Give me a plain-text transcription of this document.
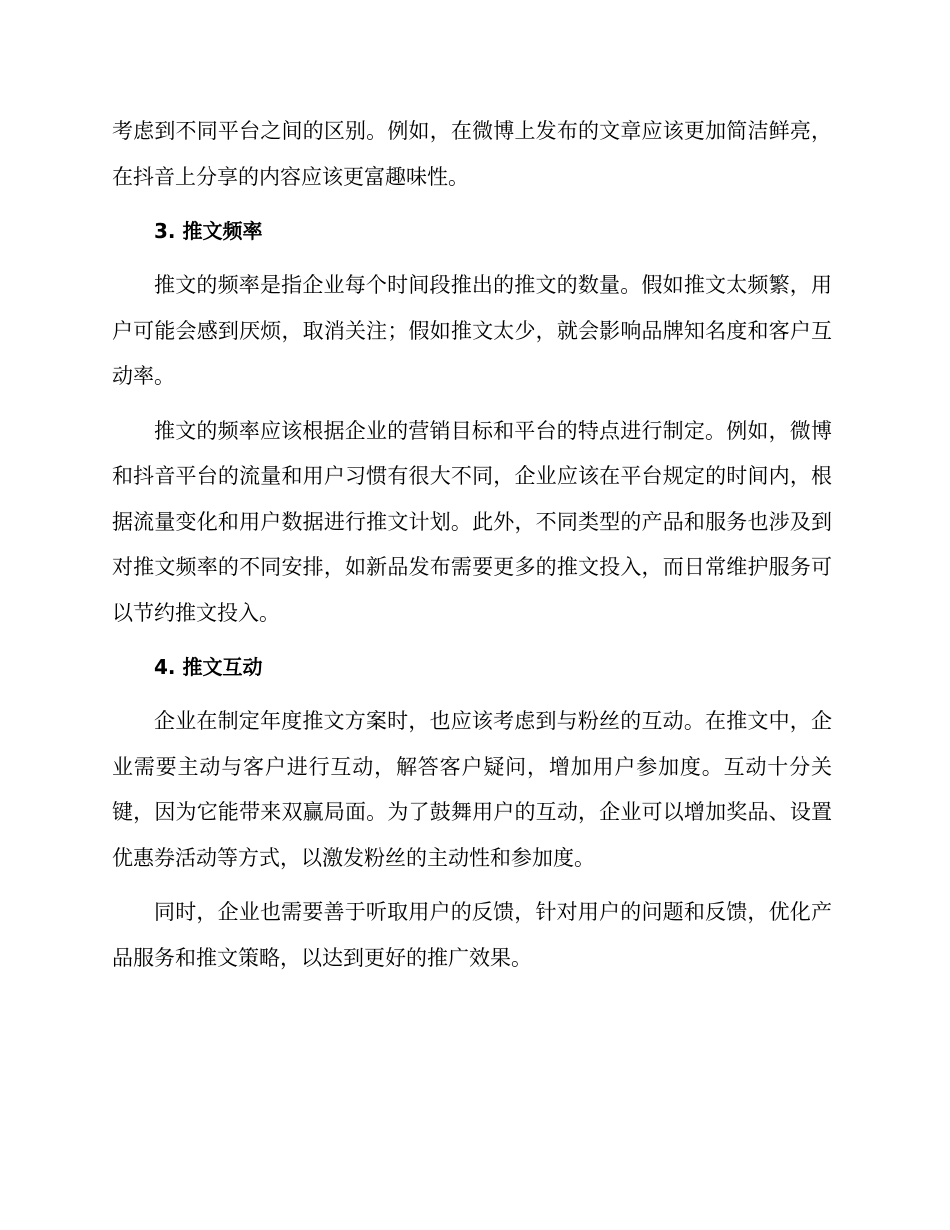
考虑到不同平台之间的区别。例如，在微博上发布的文章应该更加简洁鲜亮，在抖音上分享的内容应该更富趣味性。

3. 推文频率

推文的频率是指企业每个时间段推出的推文的数量。假如推文太频繁，用户可能会感到厌烦，取消关注；假如推文太少，就会影响品牌知名度和客户互动率。

推文的频率应该根据企业的营销目标和平台的特点进行制定。例如，微博和抖音平台的流量和用户习惯有很大不同，企业应该在平台规定的时间内，根据流量变化和用户数据进行推文计划。此外，不同类型的产品和服务也涉及到对推文频率的不同安排，如新品发布需要更多的推文投入，而日常维护服务可以节约推文投入。

4. 推文互动

企业在制定年度推文方案时，也应该考虑到与粉丝的互动。在推文中，企业需要主动与客户进行互动，解答客户疑问，增加用户参加度。互动十分关键，因为它能带来双赢局面。为了鼓舞用户的互动，企业可以增加奖品、设置优惠券活动等方式，以激发粉丝的主动性和参加度。

同时，企业也需要善于听取用户的反馈，针对用户的问题和反馈，优化产品服务和推文策略，以达到更好的推广效果。
